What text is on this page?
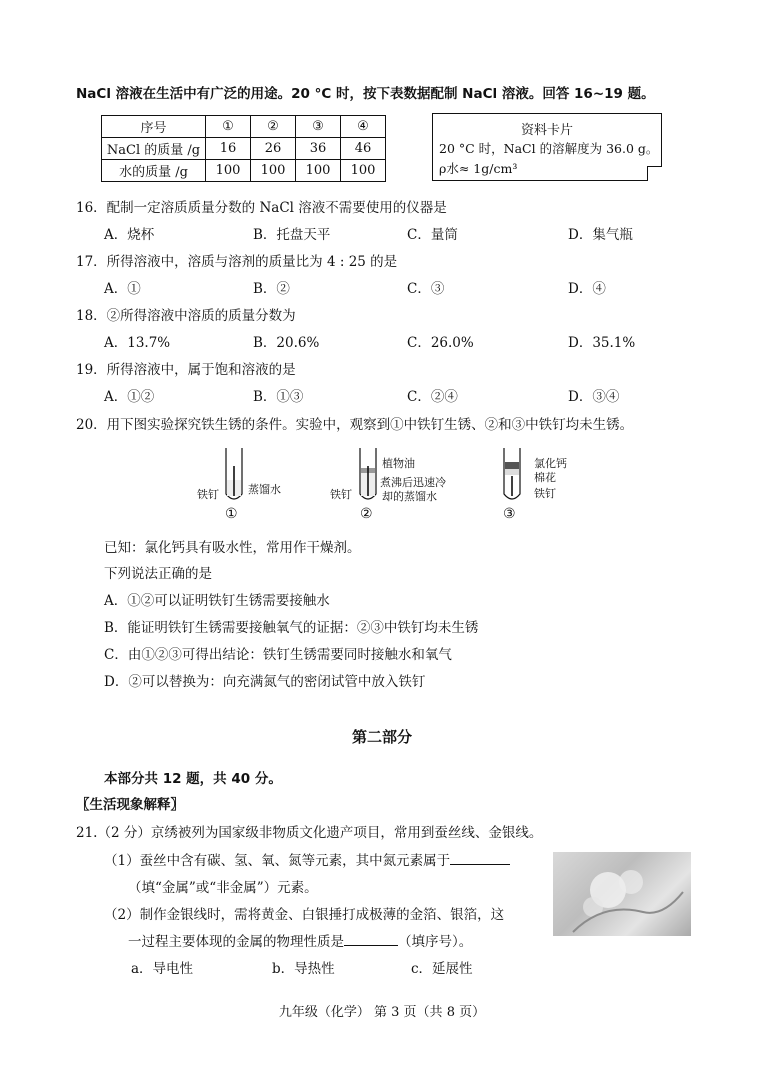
NaCl 溶液在生活中有广泛的用途。20 °C 时，按下表数据配制 NaCl 溶液。回答 16~19 题。
序号	①	②	③	④
NaCl 的质量 /g	16	26	36	46
水的质量 /g	100	100	100	100
资料卡片
20 °C 时，NaCl 的溶解度为 36.0 g。
ρ水≈ 1g/cm³
16．配制一定溶质质量分数的 NaCl 溶液不需要使用的仪器是
A．烧杯	B．托盘天平	C．量筒	D．集气瓶
17．所得溶液中，溶质与溶剂的质量比为 4 : 25 的是
A．①	B．②	C．③	D．④
18．②所得溶液中溶质的质量分数为
A．13.7%	B．20.6%	C．26.0%	D．35.1%
19．所得溶液中，属于饱和溶液的是
A．①②	B．①③	C．②④	D．③④
20．用下图实验探究铁生锈的条件。实验中，观察到①中铁钉生锈、②和③中铁钉均未生锈。
铁钉	蒸馏水
①
铁钉
植物油
煮沸后迅速冷
却的蒸馏水
②
氯化钙
棉花
铁钉
③
已知：氯化钙具有吸水性，常用作干燥剂。
下列说法正确的是
A．①②可以证明铁钉生锈需要接触水
B．能证明铁钉生锈需要接触氧气的证据：②③中铁钉均未生锈
C．由①②③可得出结论：铁钉生锈需要同时接触水和氧气
D．②可以替换为：向充满氮气的密闭试管中放入铁钉
第二部分
本部分共 12 题，共 40 分。
〖生活现象解释〗
21.（2 分）京绣被列为国家级非物质文化遗产项目，常用到蚕丝线、金银线。
（1）蚕丝中含有碳、氢、氧、氮等元素，其中氮元素属于
（填“金属”或“非金属”）元素。
（2）制作金银线时，需将黄金、白银捶打成极薄的金箔、银箔，这
一过程主要体现的金属的物理性质是	（填序号）。
a．导电性	b．导热性	c．延展性
九年级（化学） 第 3 页（共 8 页）
